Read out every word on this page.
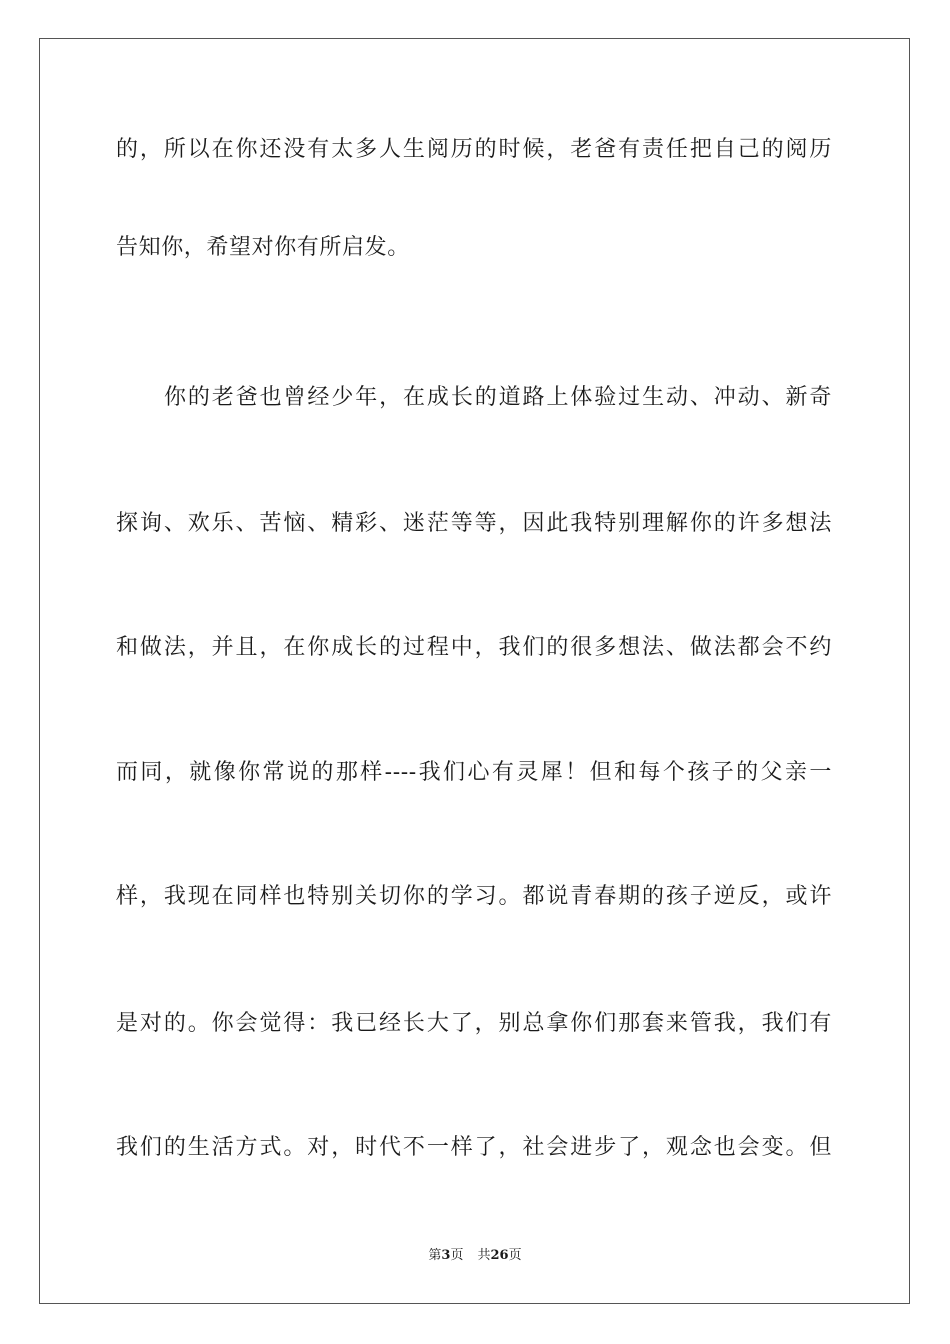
的，所以在你还没有太多人生阅历的时候，老爸有责任把自己的阅历
告知你，希望对你有所启发。
你的老爸也曾经少年，在成长的道路上体验过生动、冲动、新奇
探询、欢乐、苦恼、精彩、迷茫等等，因此我特别理解你的许多想法
和做法，并且，在你成长的过程中，我们的很多想法、做法都会不约
而同，就像你常说的那样----我们心有灵犀！但和每个孩子的父亲一
样，我现在同样也特别关切你的学习。都说青春期的孩子逆反，或许
是对的。你会觉得：我已经长大了，别总拿你们那套来管我，我们有
我们的生活方式。对，时代不一样了，社会进步了，观念也会变。但
第3页 共26页
